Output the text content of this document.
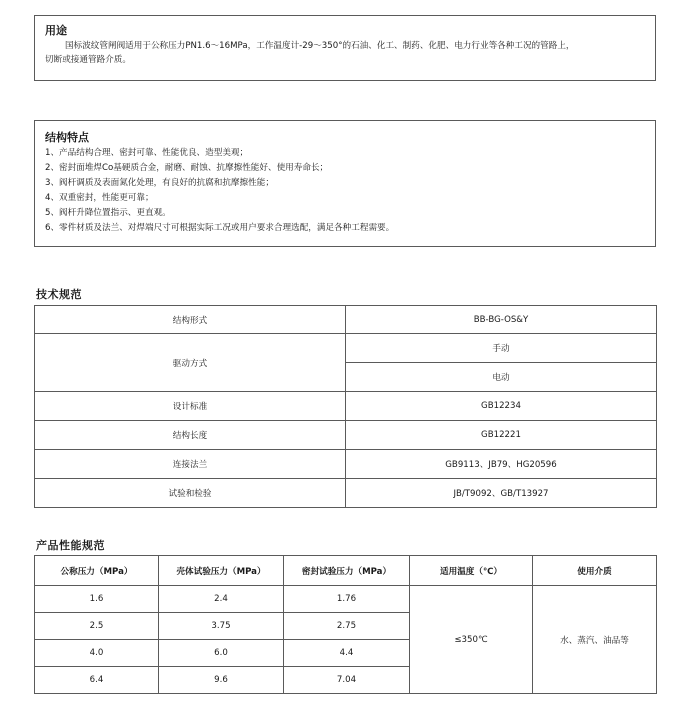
用途
国标波纹管闸阀适用于公称压力PN1.6～16MPa，工作温度计-29～350°的石油、化工、制药、化肥、电力行业等各种工况的管路上，
切断或接通管路介质。
结构特点
1、产品结构合理、密封可靠、性能优良、造型美观；
2、密封面堆焊Co基硬质合金，耐磨、耐蚀、抗摩擦性能好、使用寿命长；
3、阀杆调质及表面氮化处理，有良好的抗腐和抗摩擦性能；
4、双重密封，性能更可靠；
5、阀杆升降位置指示、更直观。
6、零件材质及法兰、对焊端尺寸可根据实际工况或用户要求合理选配，满足各种工程需要。
技术规范
结构形式	BB-BG-OS&Y
驱动方式	手动
	电动
设计标准	GB12234
结构长度	GB12221
连接法兰	GB9113、JB79、HG20596
试验和检验	JB/T9092、GB/T13927
产品性能规范
公称压力（MPa）	壳体试验压力（MPa）	密封试验压力（MPa）	适用温度（℃）	使用介质
1.6	2.4	1.76	≤350℃	水、蒸汽、油品等
2.5	3.75	2.75		
4.0	6.0	4.4		
6.4	9.6	7.04		
